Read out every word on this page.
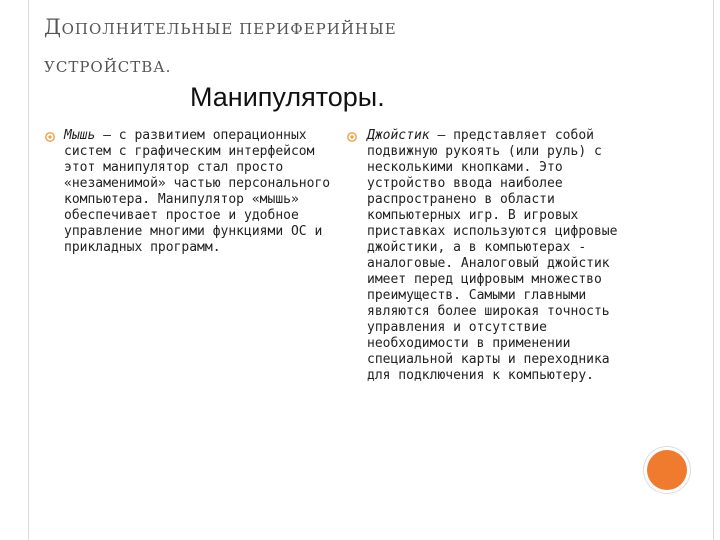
ДОПОЛНИТЕЛЬНЫЕ ПЕРИФЕРИЙНЫЕ
УСТРОЙСТВА.
Манипуляторы.
Мышь – с развитием операционных систем с графическим интерфейсом этот манипулятор стал просто «незаменимой» частью персонального компьютера. Манипулятор «мышь» обеспечивает простое и удобное управление многими функциями ОС и прикладных программ.
Джойстик – представляет собой подвижную рукоять (или руль) с несколькими кнопками. Это устройство ввода наиболее распространено в области компьютерных игр. В игровых приставках используются цифровые джойстики, а в компьютерах - аналоговые. Аналоговый джойстик имеет перед цифровым множество преимуществ. Самыми главными являются более широкая точность управления и отсутствие необходимости в применении специальной карты и переходника для подключения к компьютеру.
